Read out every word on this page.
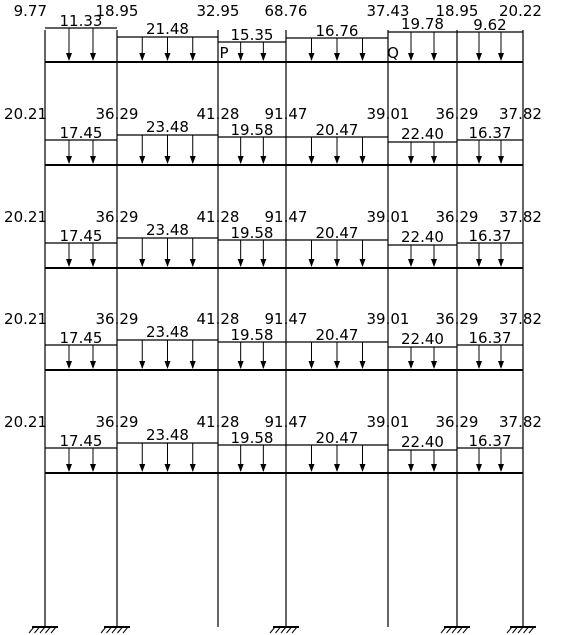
9.77	18.95	32.95 68.76	37.43 18.95 20.22
11.33	21.48	15.35
P
16.76	19.78
Q
9.62
20.21	36.29	41.28 91.47	39.01 36.29 37.82
17.45	23.48	19.58	20.47	22.40 16.37
20.21	36.29	41.28 91.47	39.01 36.29 37.82
17.45	23.48	19.58	20.47	22.40 16.37
20.21	36.29	41.28 91.47	39.01 36.29 37.82
17.45	23.48	19.58	20.47	22.40 16.37
20.21	36.29	41.28 91.47	39.01 36.29 37.82
17.45	23.48	19.58	20.47	22.40 16.37
